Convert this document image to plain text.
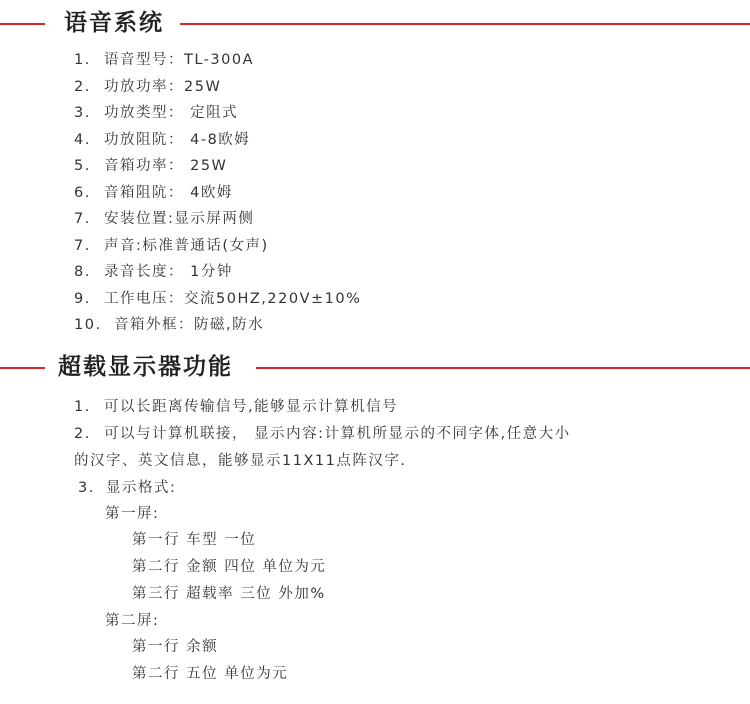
语音系统
1. 语音型号：TL-300A
2. 功放功率：25W
3. 功放类型： 定阻式
4. 功放阻阬： 4-8欧姆
5. 音箱功率： 25W
6. 音箱阻阬： 4欧姆
7. 安装位置:显示屏两侧
7. 声音:标准普通话(女声)
8. 录音长度： 1分钟
9. 工作电压：交流50HZ,220V±10%
10. 音箱外框：防磁,防水
超载显示器功能
1. 可以长距离传输信号,能够显示计算机信号
2. 可以与计算机联接， 显示内容:计算机所显示的不同字体,任意大小
的汉字、英文信息，能够显示11X11点阵汉字.
3. 显示格式:
第一屏:
第一行 车型 一位
第二行 金额 四位 单位为元
第三行 超载率 三位 外加%
第二屏:
第一行 余额
第二行 五位 单位为元
